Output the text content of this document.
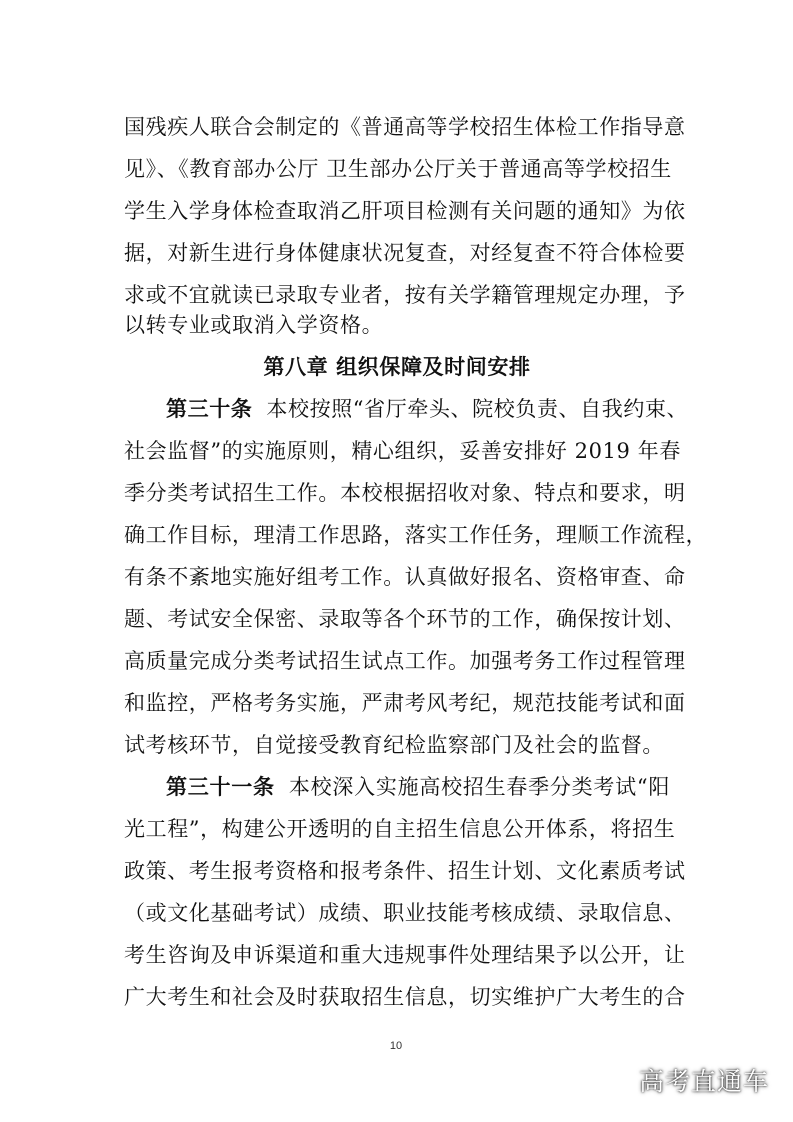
国残疾人联合会制定的《普通高等学校招生体检工作指导意
见》、《教育部办公厅 卫生部办公厅关于普通高等学校招生
学生入学身体检查取消乙肝项目检测有关问题的通知》为依
据，对新生进行身体健康状况复查，对经复查不符合体检要
求或不宜就读已录取专业者，按有关学籍管理规定办理，予
以转专业或取消入学资格。
第八章 组织保障及时间安排
第三十条 本校按照“省厅牵头、院校负责、自我约束、
社会监督”的实施原则，精心组织，妥善安排好 2019 年春
季分类考试招生工作。本校根据招收对象、特点和要求，明
确工作目标，理清工作思路，落实工作任务，理顺工作流程，
有条不紊地实施好组考工作。认真做好报名、资格审查、命
题、考试安全保密、录取等各个环节的工作，确保按计划、
高质量完成分类考试招生试点工作。加强考务工作过程管理
和监控，严格考务实施，严肃考风考纪，规范技能考试和面
试考核环节，自觉接受教育纪检监察部门及社会的监督。
第三十一条 本校深入实施高校招生春季分类考试“阳
光工程”，构建公开透明的自主招生信息公开体系，将招生
政策、考生报考资格和报考条件、招生计划、文化素质考试
（或文化基础考试）成绩、职业技能考核成绩、录取信息、
考生咨询及申诉渠道和重大违规事件处理结果予以公开，让
广大考生和社会及时获取招生信息，切实维护广大考生的合
10
高考直通车
